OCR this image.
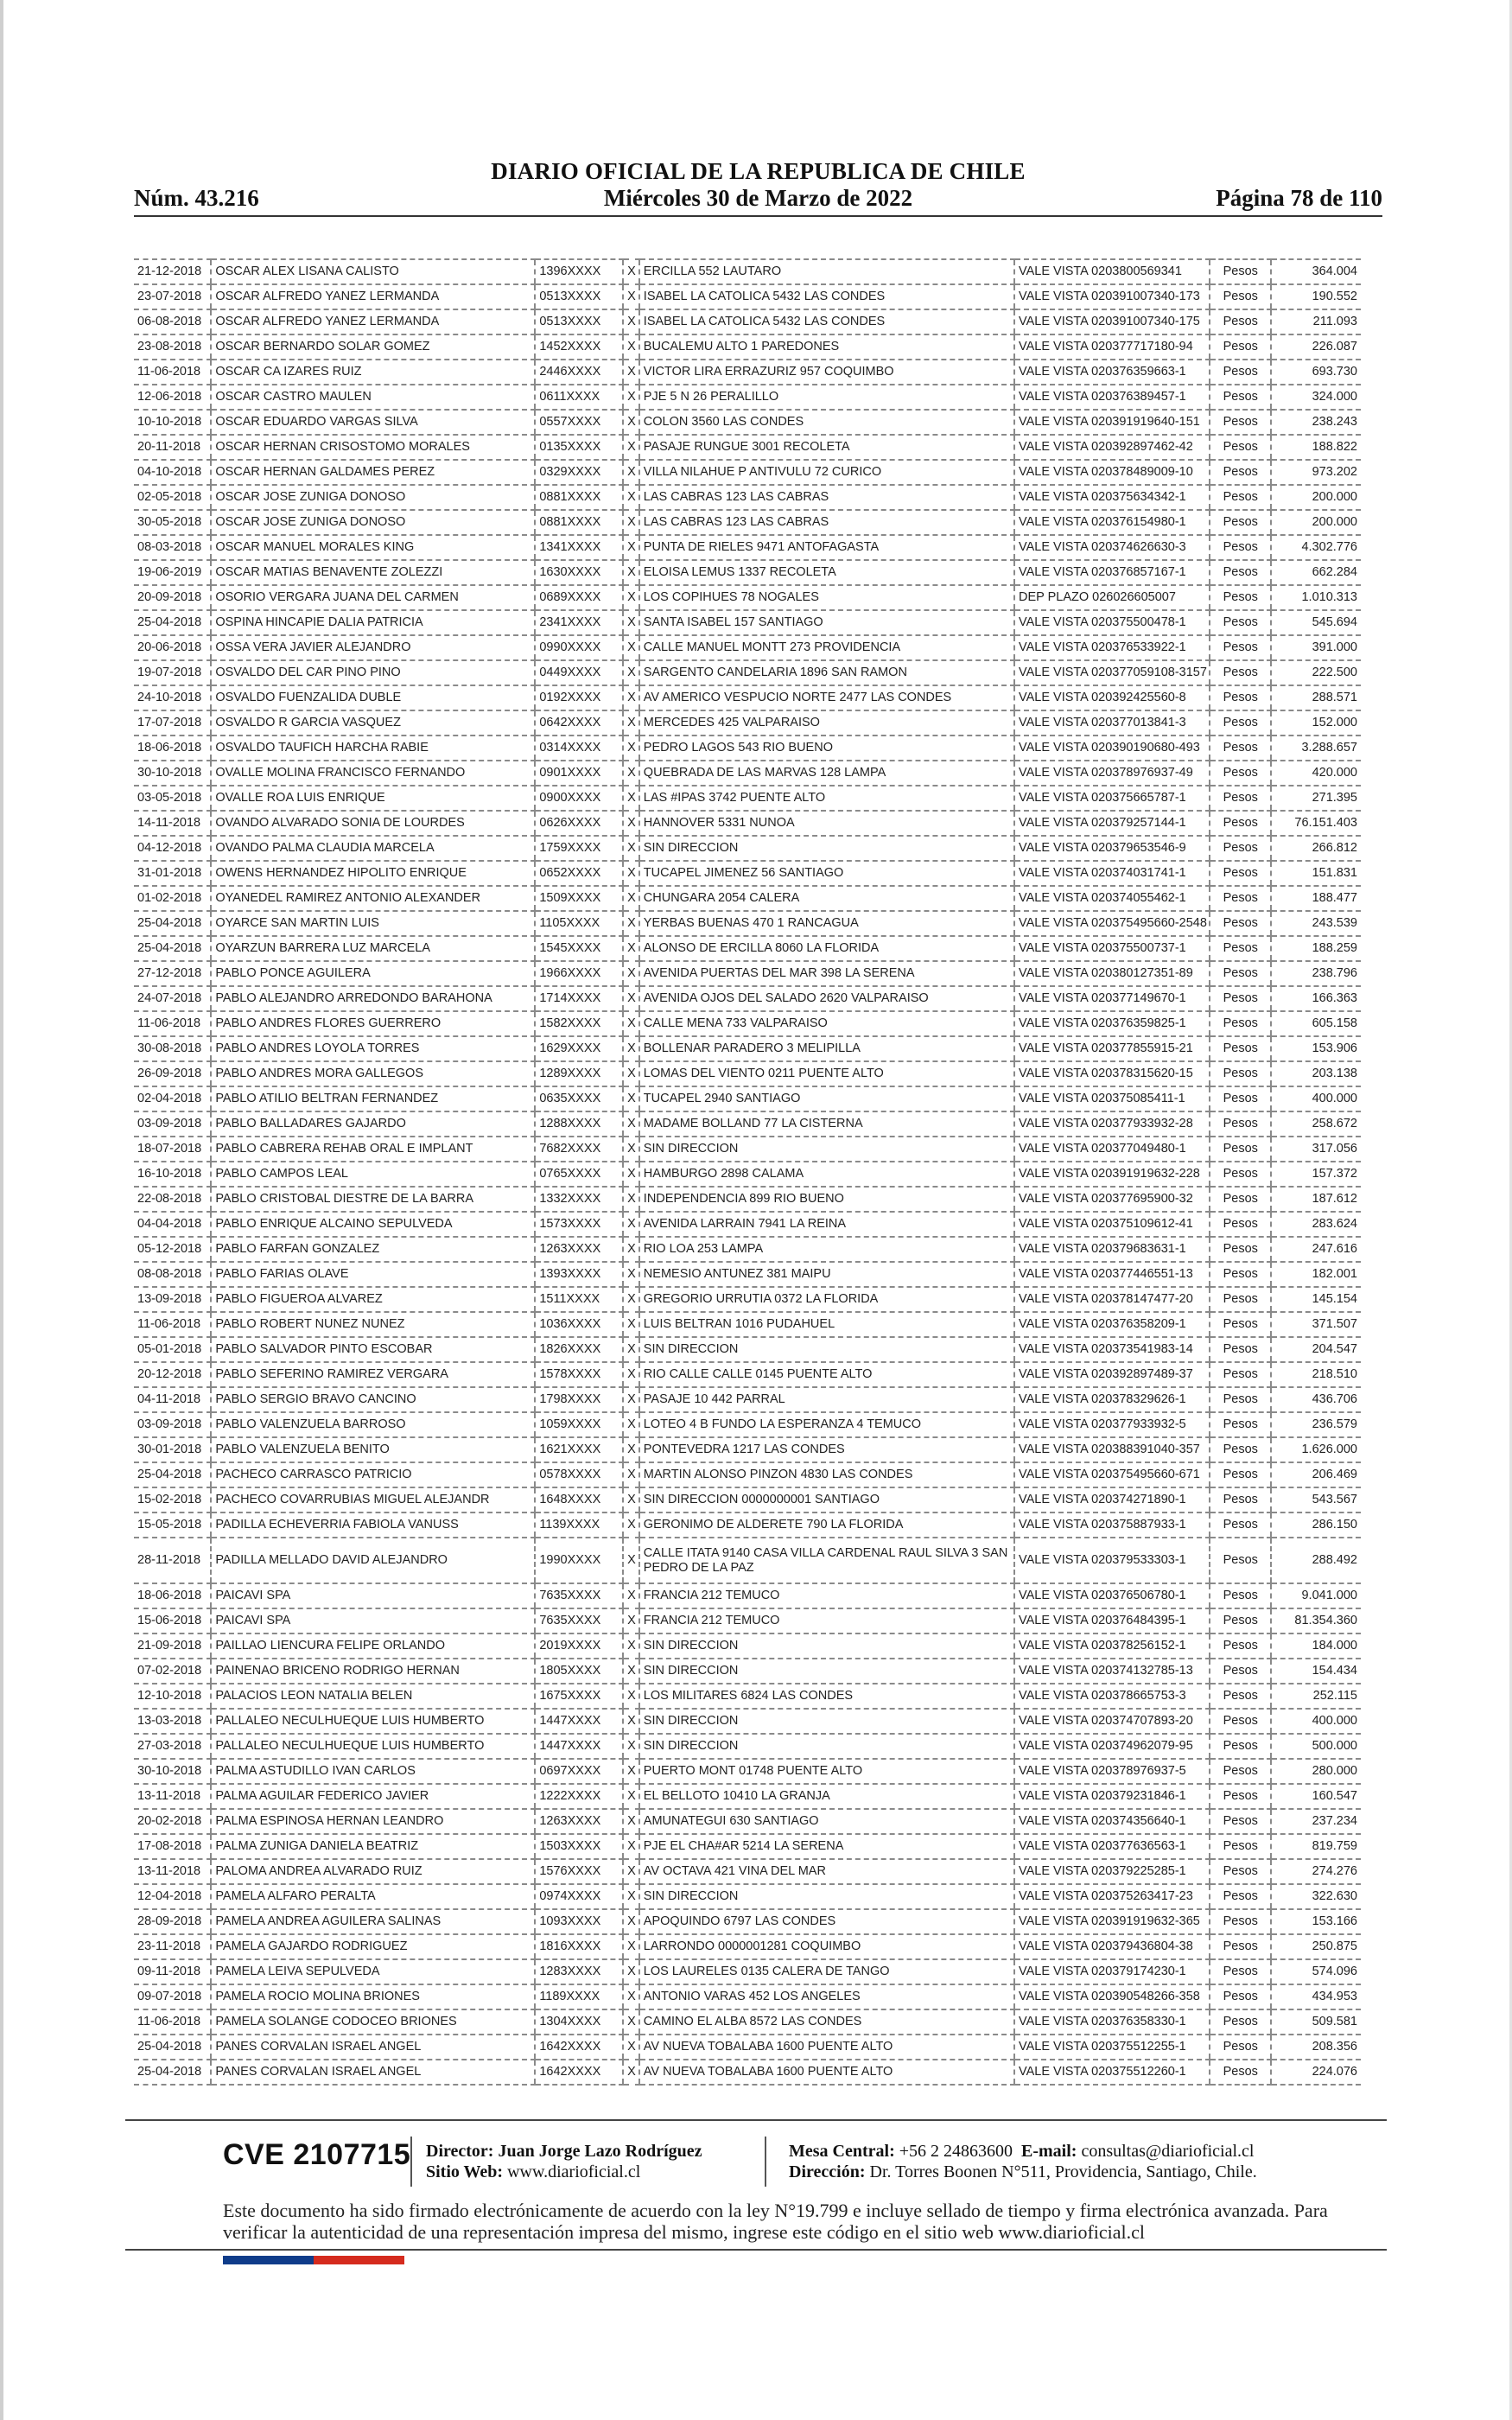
DIARIO OFICIAL DE LA REPUBLICA DE CHILE
Núm. 43.216	Miércoles 30 de Marzo de 2022	Página 78 de 110
21-12-2018	OSCAR ALEX LISANA CALISTO	1396XXXX	X	ERCILLA 552 LAUTARO	VALE VISTA 0203800569341	Pesos	364.004
23-07-2018	OSCAR ALFREDO YANEZ LERMANDA	0513XXXX	X	ISABEL LA CATOLICA 5432 LAS CONDES	VALE VISTA 020391007340-173	Pesos	190.552
06-08-2018	OSCAR ALFREDO YANEZ LERMANDA	0513XXXX	X	ISABEL LA CATOLICA 5432 LAS CONDES	VALE VISTA 020391007340-175	Pesos	211.093
23-08-2018	OSCAR BERNARDO SOLAR GOMEZ	1452XXXX	X	BUCALEMU ALTO 1 PAREDONES	VALE VISTA 020377717180-94	Pesos	226.087
11-06-2018	OSCAR CA IZARES RUIZ	2446XXXX	X	VICTOR LIRA ERRAZURIZ 957 COQUIMBO	VALE VISTA 020376359663-1	Pesos	693.730
12-06-2018	OSCAR CASTRO MAULEN	0611XXXX	X	PJE 5 N 26 PERALILLO	VALE VISTA 020376389457-1	Pesos	324.000
10-10-2018	OSCAR EDUARDO VARGAS SILVA	0557XXXX	X	COLON 3560 LAS CONDES	VALE VISTA 020391919640-151	Pesos	238.243
20-11-2018	OSCAR HERNAN CRISOSTOMO MORALES	0135XXXX	X	PASAJE RUNGUE 3001 RECOLETA	VALE VISTA 020392897462-42	Pesos	188.822
04-10-2018	OSCAR HERNAN GALDAMES PEREZ	0329XXXX	X	VILLA NILAHUE P ANTIVULU 72 CURICO	VALE VISTA 020378489009-10	Pesos	973.202
02-05-2018	OSCAR JOSE ZUNIGA DONOSO	0881XXXX	X	LAS CABRAS 123 LAS CABRAS	VALE VISTA 020375634342-1	Pesos	200.000
30-05-2018	OSCAR JOSE ZUNIGA DONOSO	0881XXXX	X	LAS CABRAS 123 LAS CABRAS	VALE VISTA 020376154980-1	Pesos	200.000
08-03-2018	OSCAR MANUEL MORALES KING	1341XXXX	X	PUNTA DE RIELES 9471 ANTOFAGASTA	VALE VISTA 020374626630-3	Pesos	4.302.776
19-06-2019	OSCAR MATIAS BENAVENTE ZOLEZZI	1630XXXX	X	ELOISA LEMUS 1337 RECOLETA	VALE VISTA 020376857167-1	Pesos	662.284
20-09-2018	OSORIO VERGARA JUANA DEL CARMEN	0689XXXX	X	LOS COPIHUES 78 NOGALES	DEP PLAZO 026026605007	Pesos	1.010.313
25-04-2018	OSPINA HINCAPIE DALIA PATRICIA	2341XXXX	X	SANTA ISABEL 157 SANTIAGO	VALE VISTA 020375500478-1	Pesos	545.694
20-06-2018	OSSA VERA JAVIER ALEJANDRO	0990XXXX	X	CALLE MANUEL MONTT 273 PROVIDENCIA	VALE VISTA 020376533922-1	Pesos	391.000
19-07-2018	OSVALDO DEL CAR PINO PINO	0449XXXX	X	SARGENTO CANDELARIA 1896 SAN RAMON	VALE VISTA 020377059108-3157	Pesos	222.500
24-10-2018	OSVALDO FUENZALIDA DUBLE	0192XXXX	X	AV AMERICO VESPUCIO NORTE 2477 LAS CONDES	VALE VISTA 020392425560-8	Pesos	288.571
17-07-2018	OSVALDO R GARCIA VASQUEZ	0642XXXX	X	MERCEDES 425 VALPARAISO	VALE VISTA 020377013841-3	Pesos	152.000
18-06-2018	OSVALDO TAUFICH HARCHA RABIE	0314XXXX	X	PEDRO LAGOS 543 RIO BUENO	VALE VISTA 020390190680-493	Pesos	3.288.657
30-10-2018	OVALLE MOLINA FRANCISCO FERNANDO	0901XXXX	X	QUEBRADA DE LAS MARVAS 128 LAMPA	VALE VISTA 020378976937-49	Pesos	420.000
03-05-2018	OVALLE ROA LUIS ENRIQUE	0900XXXX	X	LAS #IPAS 3742 PUENTE ALTO	VALE VISTA 020375665787-1	Pesos	271.395
14-11-2018	OVANDO ALVARADO SONIA DE LOURDES	0626XXXX	X	HANNOVER 5331 NUNOA	VALE VISTA 020379257144-1	Pesos	76.151.403
04-12-2018	OVANDO PALMA CLAUDIA MARCELA	1759XXXX	X	SIN DIRECCION	VALE VISTA 020379653546-9	Pesos	266.812
31-01-2018	OWENS HERNANDEZ HIPOLITO ENRIQUE	0652XXXX	X	TUCAPEL JIMENEZ 56 SANTIAGO	VALE VISTA 020374031741-1	Pesos	151.831
01-02-2018	OYANEDEL RAMIREZ ANTONIO ALEXANDER	1509XXXX	X	CHUNGARA 2054 CALERA	VALE VISTA 020374055462-1	Pesos	188.477
25-04-2018	OYARCE SAN MARTIN LUIS	1105XXXX	X	YERBAS BUENAS 470 1 RANCAGUA	VALE VISTA 020375495660-2548	Pesos	243.539
25-04-2018	OYARZUN BARRERA LUZ MARCELA	1545XXXX	X	ALONSO DE ERCILLA 8060 LA FLORIDA	VALE VISTA 020375500737-1	Pesos	188.259
27-12-2018	PABLO PONCE AGUILERA	1966XXXX	X	AVENIDA PUERTAS DEL MAR 398 LA SERENA	VALE VISTA 020380127351-89	Pesos	238.796
24-07-2018	PABLO ALEJANDRO ARREDONDO BARAHONA	1714XXXX	X	AVENIDA OJOS DEL SALADO 2620 VALPARAISO	VALE VISTA 020377149670-1	Pesos	166.363
11-06-2018	PABLO ANDRES FLORES GUERRERO	1582XXXX	X	CALLE MENA 733 VALPARAISO	VALE VISTA 020376359825-1	Pesos	605.158
30-08-2018	PABLO ANDRES LOYOLA TORRES	1629XXXX	X	BOLLENAR PARADERO 3 MELIPILLA	VALE VISTA 020377855915-21	Pesos	153.906
26-09-2018	PABLO ANDRES MORA GALLEGOS	1289XXXX	X	LOMAS DEL VIENTO 0211 PUENTE ALTO	VALE VISTA 020378315620-15	Pesos	203.138
02-04-2018	PABLO ATILIO BELTRAN FERNANDEZ	0635XXXX	X	TUCAPEL 2940 SANTIAGO	VALE VISTA 020375085411-1	Pesos	400.000
03-09-2018	PABLO BALLADARES GAJARDO	1288XXXX	X	MADAME BOLLAND 77 LA CISTERNA	VALE VISTA 020377933932-28	Pesos	258.672
18-07-2018	PABLO CABRERA REHAB ORAL E IMPLANT	7682XXXX	X	SIN DIRECCION	VALE VISTA 020377049480-1	Pesos	317.056
16-10-2018	PABLO CAMPOS LEAL	0765XXXX	X	HAMBURGO 2898 CALAMA	VALE VISTA 020391919632-228	Pesos	157.372
22-08-2018	PABLO CRISTOBAL DIESTRE DE LA BARRA	1332XXXX	X	INDEPENDENCIA 899 RIO BUENO	VALE VISTA 020377695900-32	Pesos	187.612
04-04-2018	PABLO ENRIQUE ALCAINO SEPULVEDA	1573XXXX	X	AVENIDA LARRAIN 7941 LA REINA	VALE VISTA 020375109612-41	Pesos	283.624
05-12-2018	PABLO FARFAN GONZALEZ	1263XXXX	X	RIO LOA 253 LAMPA	VALE VISTA 020379683631-1	Pesos	247.616
08-08-2018	PABLO FARIAS OLAVE	1393XXXX	X	NEMESIO ANTUNEZ 381 MAIPU	VALE VISTA 020377446551-13	Pesos	182.001
13-09-2018	PABLO FIGUEROA ALVAREZ	1511XXXX	X	GREGORIO URRUTIA 0372 LA FLORIDA	VALE VISTA 020378147477-20	Pesos	145.154
11-06-2018	PABLO ROBERT NUNEZ NUNEZ	1036XXXX	X	LUIS BELTRAN 1016 PUDAHUEL	VALE VISTA 020376358209-1	Pesos	371.507
05-01-2018	PABLO SALVADOR PINTO ESCOBAR	1826XXXX	X	SIN DIRECCION	VALE VISTA 020373541983-14	Pesos	204.547
20-12-2018	PABLO SEFERINO RAMIREZ VERGARA	1578XXXX	X	RIO CALLE CALLE 0145 PUENTE ALTO	VALE VISTA 020392897489-37	Pesos	218.510
04-11-2018	PABLO SERGIO BRAVO CANCINO	1798XXXX	X	PASAJE 10 442 PARRAL	VALE VISTA 020378329626-1	Pesos	436.706
03-09-2018	PABLO VALENZUELA BARROSO	1059XXXX	X	LOTEO 4 B FUNDO LA ESPERANZA 4 TEMUCO	VALE VISTA 020377933932-5	Pesos	236.579
30-01-2018	PABLO VALENZUELA BENITO	1621XXXX	X	PONTEVEDRA 1217 LAS CONDES	VALE VISTA 020388391040-357	Pesos	1.626.000
25-04-2018	PACHECO CARRASCO PATRICIO	0578XXXX	X	MARTIN ALONSO PINZON 4830 LAS CONDES	VALE VISTA 020375495660-671	Pesos	206.469
15-02-2018	PACHECO COVARRUBIAS MIGUEL ALEJANDR	1648XXXX	X	SIN DIRECCION 0000000001 SANTIAGO	VALE VISTA 020374271890-1	Pesos	543.567
15-05-2018	PADILLA ECHEVERRIA FABIOLA VANUSS	1139XXXX	X	GERONIMO DE ALDERETE 790 LA FLORIDA	VALE VISTA 020375887933-1	Pesos	286.150
28-11-2018	PADILLA MELLADO DAVID ALEJANDRO	1990XXXX	X	CALLE ITATA 9140 CASA VILLA CARDENAL RAUL SILVA 3 SAN PEDRO DE LA PAZ	VALE VISTA 020379533303-1	Pesos	288.492
18-06-2018	PAICAVI SPA	7635XXXX	X	FRANCIA 212 TEMUCO	VALE VISTA 020376506780-1	Pesos	9.041.000
15-06-2018	PAICAVI SPA	7635XXXX	X	FRANCIA 212 TEMUCO	VALE VISTA 020376484395-1	Pesos	81.354.360
21-09-2018	PAILLAO LIENCURA FELIPE ORLANDO	2019XXXX	X	SIN DIRECCION	VALE VISTA 020378256152-1	Pesos	184.000
07-02-2018	PAINENAO BRICENO RODRIGO HERNAN	1805XXXX	X	SIN DIRECCION	VALE VISTA 020374132785-13	Pesos	154.434
12-10-2018	PALACIOS LEON NATALIA BELEN	1675XXXX	X	LOS MILITARES 6824 LAS CONDES	VALE VISTA 020378665753-3	Pesos	252.115
13-03-2018	PALLALEO NECULHUEQUE LUIS HUMBERTO	1447XXXX	X	SIN DIRECCION	VALE VISTA 020374707893-20	Pesos	400.000
27-03-2018	PALLALEO NECULHUEQUE LUIS HUMBERTO	1447XXXX	X	SIN DIRECCION	VALE VISTA 020374962079-95	Pesos	500.000
30-10-2018	PALMA ASTUDILLO IVAN CARLOS	0697XXXX	X	PUERTO MONT 01748 PUENTE ALTO	VALE VISTA 020378976937-5	Pesos	280.000
13-11-2018	PALMA AGUILAR FEDERICO JAVIER	1222XXXX	X	EL BELLOTO 10410 LA GRANJA	VALE VISTA 020379231846-1	Pesos	160.547
20-02-2018	PALMA ESPINOSA HERNAN LEANDRO	1263XXXX	X	AMUNATEGUI 630 SANTIAGO	VALE VISTA 020374356640-1	Pesos	237.234
17-08-2018	PALMA ZUNIGA DANIELA BEATRIZ	1503XXXX	X	PJE EL CHA#AR 5214 LA SERENA	VALE VISTA 020377636563-1	Pesos	819.759
13-11-2018	PALOMA ANDREA ALVARADO RUIZ	1576XXXX	X	AV OCTAVA 421 VINA DEL MAR	VALE VISTA 020379225285-1	Pesos	274.276
12-04-2018	PAMELA ALFARO PERALTA	0974XXXX	X	SIN DIRECCION	VALE VISTA 020375263417-23	Pesos	322.630
28-09-2018	PAMELA ANDREA AGUILERA SALINAS	1093XXXX	X	APOQUINDO 6797 LAS CONDES	VALE VISTA 020391919632-365	Pesos	153.166
23-11-2018	PAMELA GAJARDO RODRIGUEZ	1816XXXX	X	LARRONDO 0000001281 COQUIMBO	VALE VISTA 020379436804-38	Pesos	250.875
09-11-2018	PAMELA LEIVA SEPULVEDA	1283XXXX	X	LOS LAURELES 0135 CALERA DE TANGO	VALE VISTA 020379174230-1	Pesos	574.096
09-07-2018	PAMELA ROCIO MOLINA BRIONES	1189XXXX	X	ANTONIO VARAS 452 LOS ANGELES	VALE VISTA 020390548266-358	Pesos	434.953
11-06-2018	PAMELA SOLANGE CODOCEO BRIONES	1304XXXX	X	CAMINO EL ALBA 8572 LAS CONDES	VALE VISTA 020376358330-1	Pesos	509.581
25-04-2018	PANES CORVALAN ISRAEL ANGEL	1642XXXX	X	AV NUEVA TOBALABA 1600 PUENTE ALTO	VALE VISTA 020375512255-1	Pesos	208.356
25-04-2018	PANES CORVALAN ISRAEL ANGEL	1642XXXX	X	AV NUEVA TOBALABA 1600 PUENTE ALTO	VALE VISTA 020375512260-1	Pesos	224.076
CVE 2107715 Director: Juan Jorge Lazo Rodríguez
Sitio Web: www.diarioficial.cl
Mesa Central: +56 2 24863600 E-mail: consultas@diarioficial.cl
Dirección: Dr. Torres Boonen N°511, Providencia, Santiago, Chile.
Este documento ha sido firmado electrónicamente de acuerdo con la ley N°19.799 e incluye sellado de tiempo y firma electrónica avanzada. Para verificar la autenticidad de una representación impresa del mismo, ingrese este código en el sitio web www.diarioficial.cl
